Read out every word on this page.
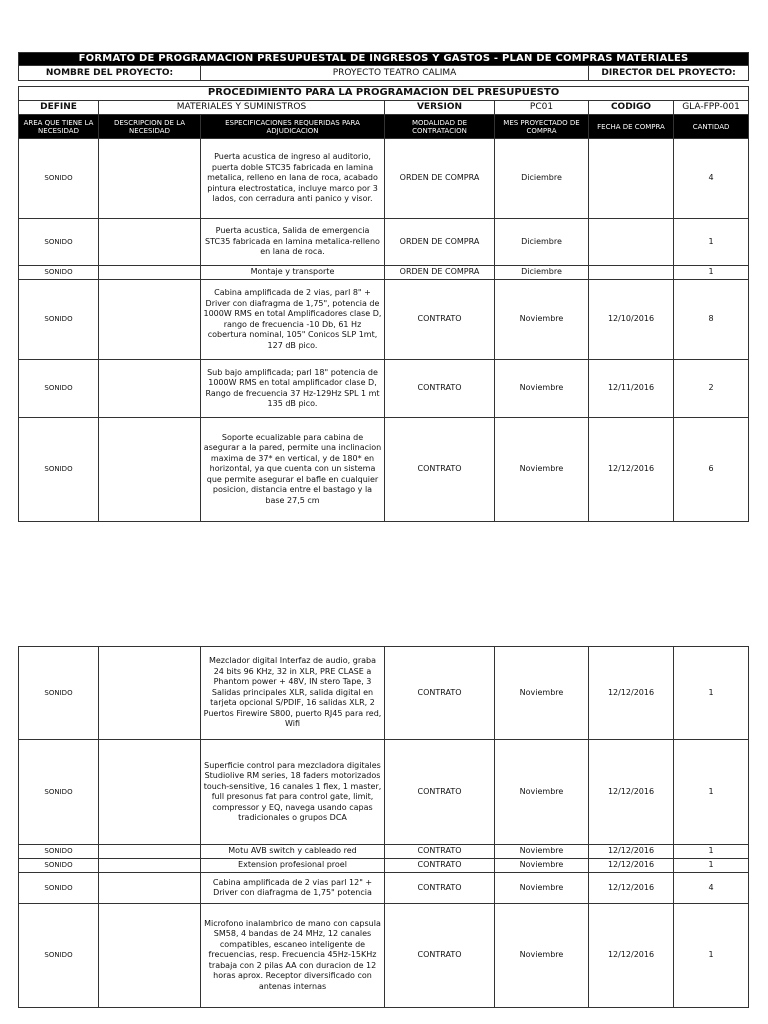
FORMATO DE PROGRAMACIÓN PRESUPUESTAL DE INGRESOS Y GASTOS - PLAN DE COMPRAS MATERIALES						
NOMBRE DEL PROYECTO:		PROYECTO TEATRO CALIMA			DIRECTOR DEL PROYECTO:	

PROCEDIMIENTO PARA LA PROGRAMACIÓN DEL PRESUPUESTO						
DEFINE	MATERIALES Y SUMINISTROS		VERSION	PC01	CODIGO	GLA-FPP-001
AREA QUE TIENE LA NECESIDAD	DESCRIPCION DE LA NECESIDAD	ESPECIFICACIONES REQUERIDAS PARA ADJUDICACION	MODALIDAD DE CONTRATACION	MES PROYECTADO DE COMPRA	FECHA DE COMPRA	CANTIDAD
SONIDO		Puerta acustica de ingreso al auditorio, puerta doble STC35 fabricada en lamina metalica, relleno en lana de roca, acabado pintura electrostatica, incluye marco por 3 lados, con cerradura anti panico y visor.	ORDEN DE COMPRA	Diciembre		4
SONIDO		Puerta acustica, Salida de emergencia STC35 fabricada en lamina metalica-relleno en lana de roca.	ORDEN DE COMPRA	Diciembre		1
SONIDO		Montaje y transporte	ORDEN DE COMPRA	Diciembre		1
SONIDO		Cabina amplificada de 2 vias, parl 8" + Driver con diafragma de 1,75", potencia de 1000W RMS en total Amplificadores clase D, rango de frecuencia -10 Db, 61 Hz cobertura nominal, 105" Conicos SLP 1mt, 127 dB pico.	CONTRATO	Noviembre	12/10/2016	8
SONIDO		Sub bajo amplificada; parl 18" potencia de 1000W RMS en total amplificador clase D, Rango de frecuencia 37 Hz-129Hz SPL 1 mt 135 dB pico.	CONTRATO	Noviembre	12/11/2016	2
SONIDO		Soporte ecualizable para cabina de asegurar a la pared, permite una inclinacion maxima de 37* en vertical, y de 180* en horizontal, ya que cuenta con un sistema que permite asegurar el bafle en cualquier posicion, distancia entre el bastago y la base 27,5 cm	CONTRATO	Noviembre	12/12/2016	6
SONIDO		Mezclador digital Interfaz de audio, graba 24 bits 96 KHz, 32 in XLR, PRE CLASE a Phantom power + 48V, IN stero Tape, 3 Salidas principales XLR, salida digital en tarjeta opcional S/PDIF, 16 salidas XLR, 2 Puertos Firewire S800, puerto RJ45 para red, Wifi	CONTRATO	Noviembre	12/12/2016	1
SONIDO		Superficie control para mezcladora digitales Studiolive RM series, 18 faders motorizados touch-sensitive, 16 canales 1 flex, 1 master, full presonus fat para control gate, limit, compressor y EQ, navega usando capas tradicionales o grupos DCA	CONTRATO	Noviembre	12/12/2016	1
SONIDO		Motu AVB switch y cableado red	CONTRATO	Noviembre	12/12/2016	1
SONIDO		Extension profesional proel	CONTRATO	Noviembre	12/12/2016	1
SONIDO		Cabina amplificada de 2 vias parl 12" + Driver con diafragma de 1,75" potencia	CONTRATO	Noviembre	12/12/2016	4
SONIDO		Microfono inalambrico de mano con capsula SM58, 4 bandas de 24 MHz, 12 canales compatibles, escaneo inteligente de frecuencias, resp. Frecuencia 45Hz-15KHz trabaja con 2 pilas AA con duracion de 12 horas aprox. Receptor diversificado con antenas internas	CONTRATO	Noviembre	12/12/2016	1
